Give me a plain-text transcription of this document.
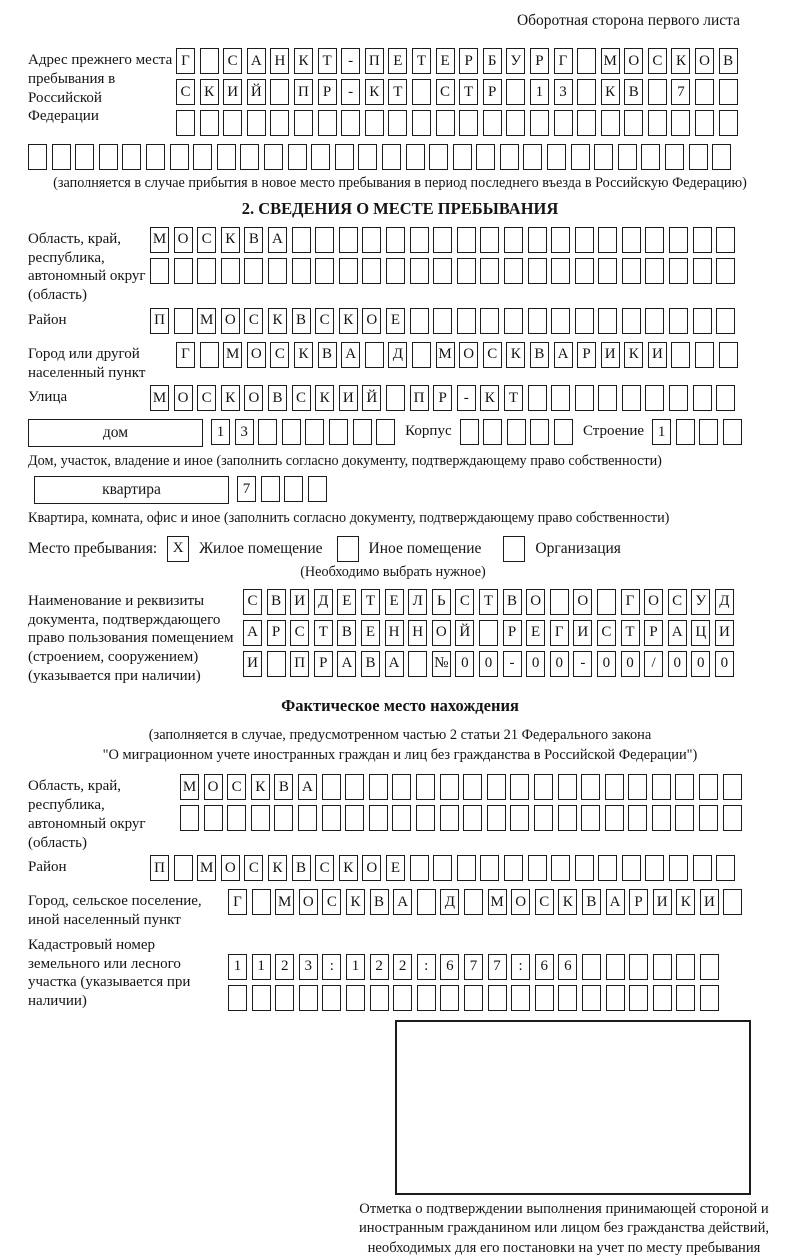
Оборотная сторона первого листа
Адрес прежнего места пребывания в Российской Федерации
Г	С А Н К Т	-	П Е Т Е Р	Б У Р	Г	М О С К О В
С К И Й П Р	-	К Т	С Т Р	1	3	К В	7
(заполняется в случае прибытия в новое место пребывания в период последнего въезда в Российскую Федерацию)
2. СВЕДЕНИЯ О МЕСТЕ ПРЕБЫВАНИЯ
Область, край, республика, автономный округ (область)
М О С К В А
Район	П М О С К В С К О Е
Город или другой населенный пункт
Г	М О С К В А Д М О С К В А Р И К И
Улица	М О С К О В С К И Й П Р	-	К Т
дом	1	3	Корпус	Строение 1
Дом, участок, владение и иное (заполнить согласно документу, подтверждающему право собственности)
квартира	7
Квартира, комната, офис и иное (заполнить согласно документу, подтверждающему право собственности)
Место пребывания:	X	Жилое помещение	Иное помещение	Организация
(Необходимо выбрать нужное)
Наименование и реквизиты документа, подтверждающего право пользования помещением (строением, сооружением) (указывается при наличии)
С В И Д Е Т Е Л Ь С Т В О О	Г О С У Д
А Р С Т В Е Н Н О Й	Р Е Г И С Т Р А Ц И
И П Р А В А № 0	0	-	0	0	-	0	0	/	0	0	0
Фактическое место нахождения
(заполняется в случае, предусмотренном частью 2 статьи 21 Федерального закона
"О миграционном учете иностранных граждан и лиц без гражданства в Российской Федерации")
Область, край, республика, автономный округ (область)
М О С К В А
Район	П М О С К В С К О Е
Город, сельское поселение, иной населенный пункт
Г	М О С К В А Д М О С К В А Р И К И
Кадастровый номер земельного или лесного участка (указывается при наличии)
1	1	2	3	:	1	2	2	:	6	7	7	:	6	6
Отметка о подтверждении выполнения принимающей стороной и иностранным гражданином или лицом без гражданства действий, необходимых для его постановки на учет по месту пребывания
